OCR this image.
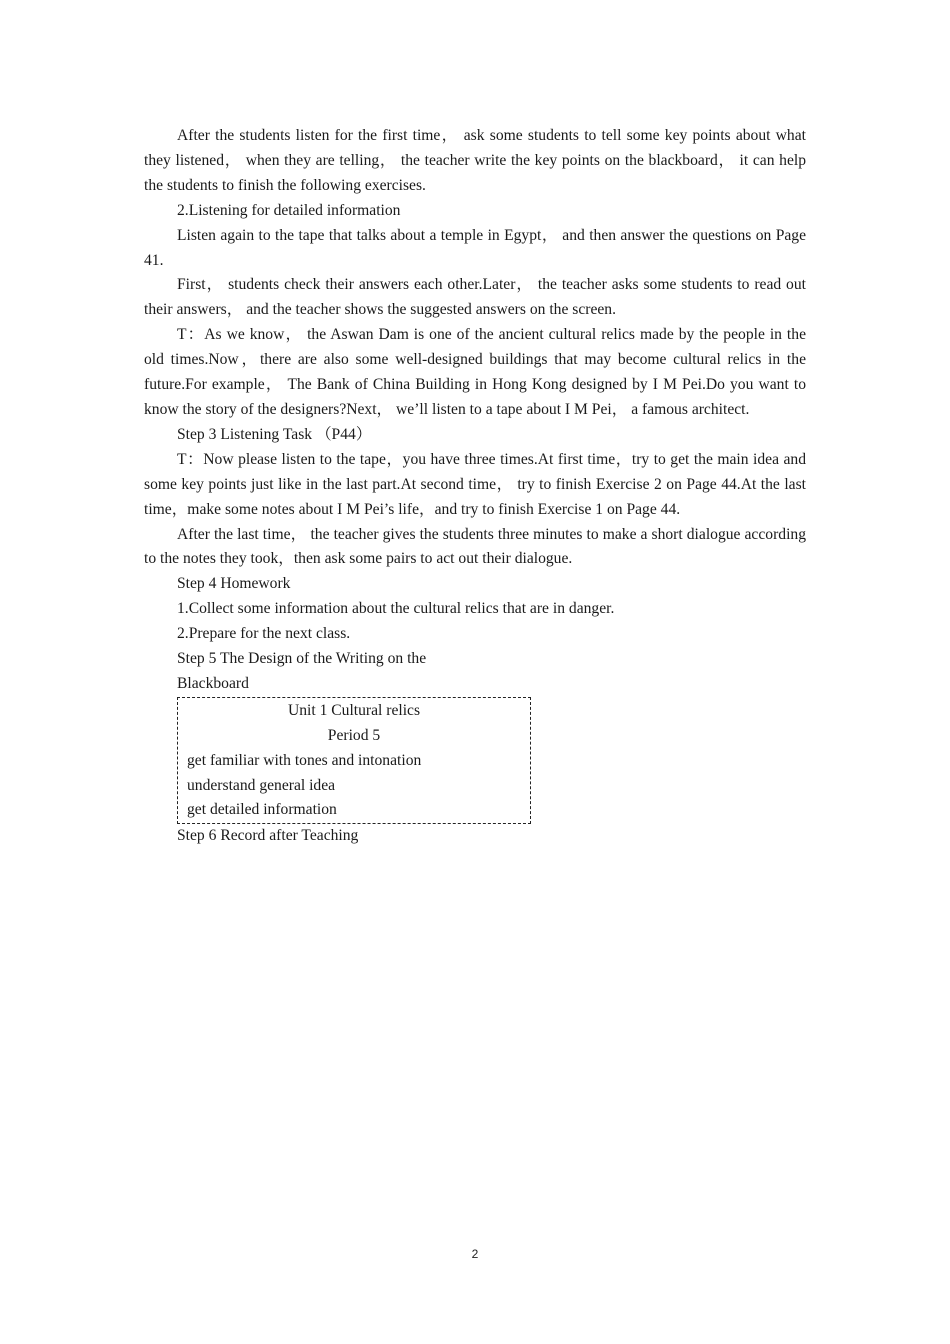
After the students listen for the first time， ask some students to tell some key points about what they listened， when they are telling， the teacher write the key points on the blackboard， it can help the students to finish the following exercises.

2.Listening for detailed information

Listen again to the tape that talks about a temple in Egypt， and then answer the questions on Page 41.

First， students check their answers each other.Later， the teacher asks some students to read out their answers， and the teacher shows the suggested answers on the screen.

T：As we know， the Aswan Dam is one of the ancient cultural relics made by the people in the old times.Now，there are also some well-designed buildings that may become cultural relics in the future.For example， The Bank of China Building in Hong Kong designed by I M Pei.Do you want to know the story of the designers?Next， we’ll listen to a tape about I M Pei， a famous architect.

Step 3 Listening Task （P44）

T：Now please listen to the tape，you have three times.At first time，try to get the main idea and some key points just like in the last part.At second time， try to finish Exercise 2 on Page 44.At the last time，make some notes about I M Pei’s life，and try to finish Exercise 1 on Page 44.

After the last time， the teacher gives the students three minutes to make a short dialogue according to the notes they took，then ask some pairs to act out their dialogue.

Step 4 Homework

1.Collect some information about the cultural relics that are in danger.

2.Prepare for the next class.

Step 5 The Design of the Writing on the

Blackboard

Unit 1 Cultural relics

Period 5

get familiar with tones and intonation

understand general idea

get detailed information

Step 6 Record after Teaching

2
